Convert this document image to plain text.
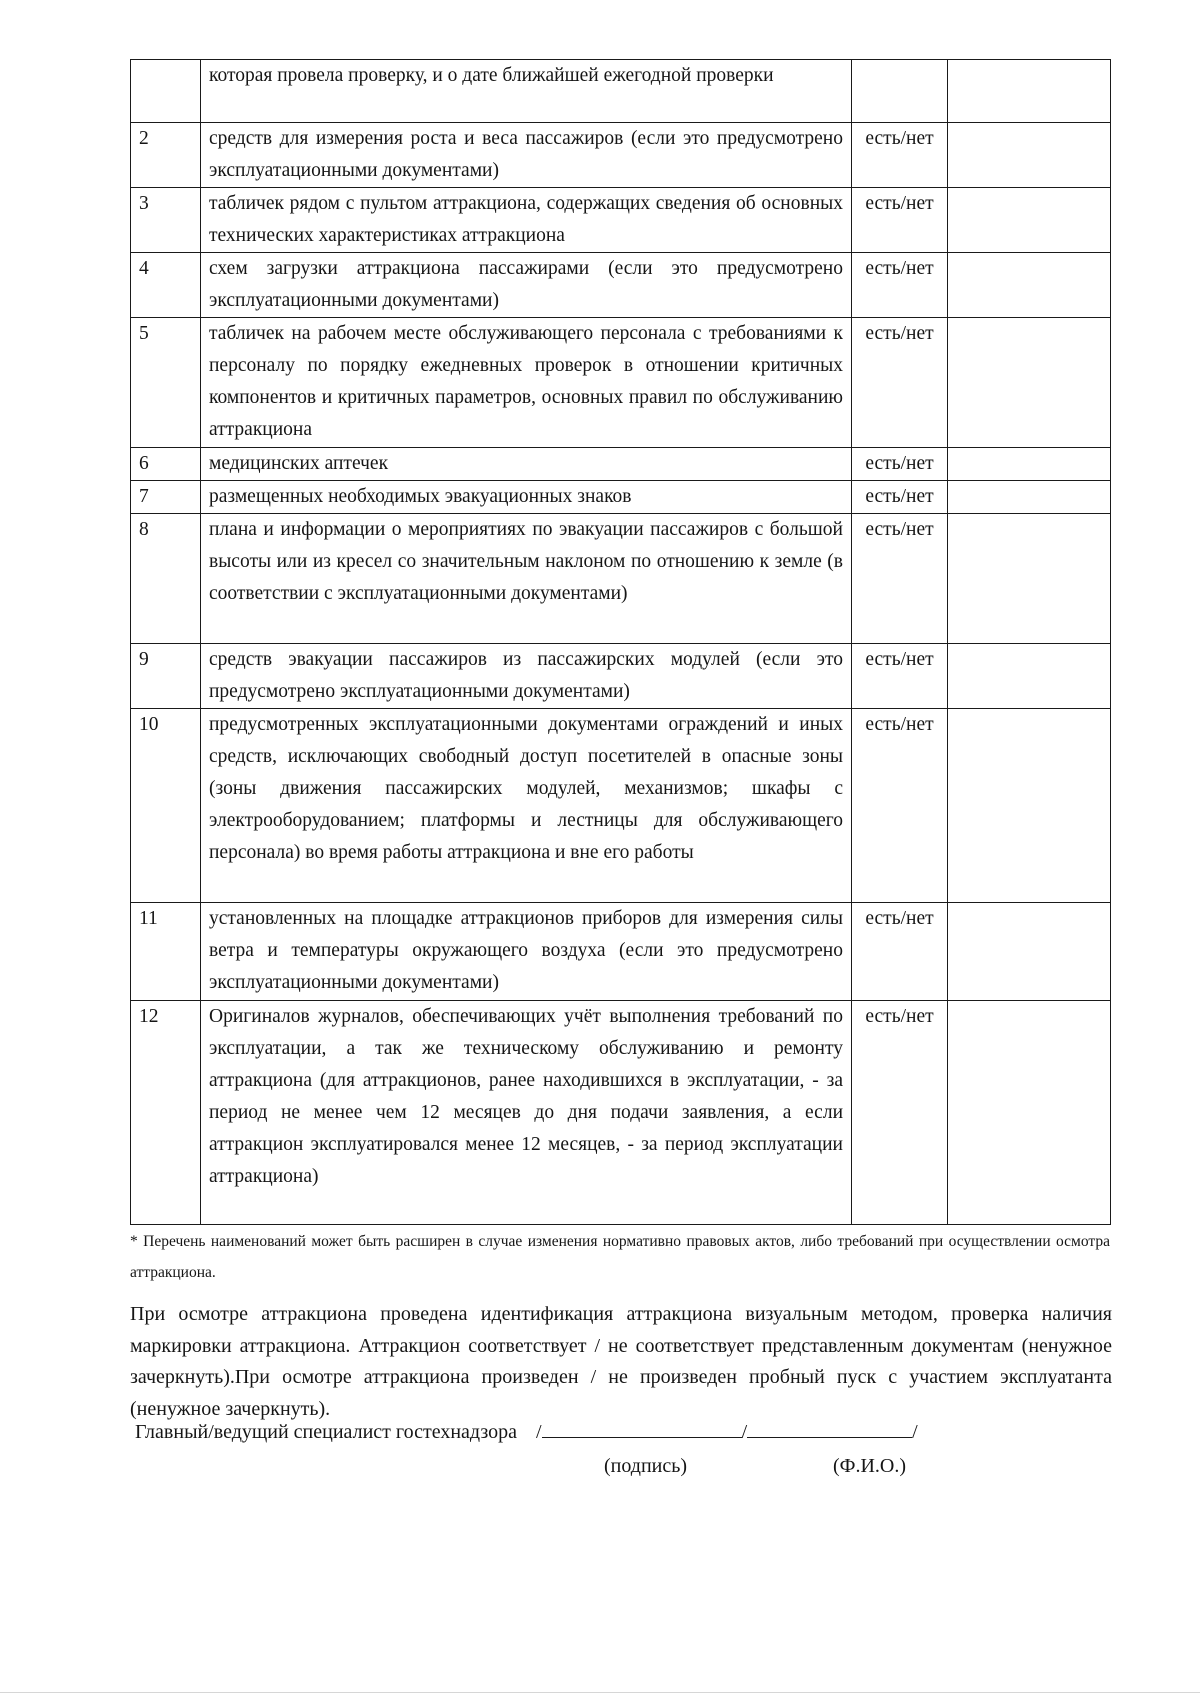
	которая провела проверку, и о дате ближайшей ежегодной проверки		
2	средств для измерения роста и веса пассажиров (если это предусмотрено эксплуатационными документами)	есть/нет	
3	табличек рядом с пультом аттракциона, содержащих сведения об основных технических характеристиках аттракциона	есть/нет	
4	схем загрузки аттракциона пассажирами (если это предусмотрено эксплуатационными документами)	есть/нет	
5	табличек на рабочем месте обслуживающего персонала с требованиями к персоналу по порядку ежедневных проверок в отношении критичных компонентов и критичных параметров, основных правил по обслуживанию аттракциона	есть/нет	
6	медицинских аптечек	есть/нет	
7	размещенных необходимых эвакуационных знаков	есть/нет	
8	плана и информации о мероприятиях по эвакуации пассажиров с большой высоты или из кресел со значительным наклоном по отношению к земле (в соответствии с эксплуатационными документами)	есть/нет	
9	средств эвакуации пассажиров из пассажирских модулей (если это предусмотрено эксплуатационными документами)	есть/нет	
10	предусмотренных эксплуатационными документами ограждений и иных средств, исключающих свободный доступ посетителей в опасные зоны (зоны движения пассажирских модулей, механизмов; шкафы с электрооборудованием; платформы и лестницы для обслуживающего персонала) во время работы аттракциона и вне его работы	есть/нет	
11	установленных на площадке аттракционов приборов для измерения силы ветра и температуры окружающего воздуха (если это предусмотрено эксплуатационными документами)	есть/нет	
12	Оригиналов журналов, обеспечивающих учёт выполнения требований по эксплуатации, а так же техническому обслуживанию и ремонту аттракциона (для аттракционов, ранее находившихся в эксплуатации, - за период не менее чем 12 месяцев до дня подачи заявления, а если аттракцион эксплуатировался менее 12 месяцев, - за период эксплуатации аттракциона)	есть/нет	
* Перечень наименований может быть расширен в случае изменения нормативно правовых актов, либо требований при осуществлении осмотра аттракциона.
При осмотре аттракциона проведена идентификация аттракциона визуальным методом, проверка наличия маркировки аттракциона. Аттракцион соответствует / не соответствует представленным документам (ненужное зачеркнуть).При осмотре аттракциона произведен / не произведен пробный пуск с участием эксплуатанта (ненужное зачеркнуть).
Главный/ведущий специалист гостехнадзора /	/	/
(подпись)	(Ф.И.О.)
